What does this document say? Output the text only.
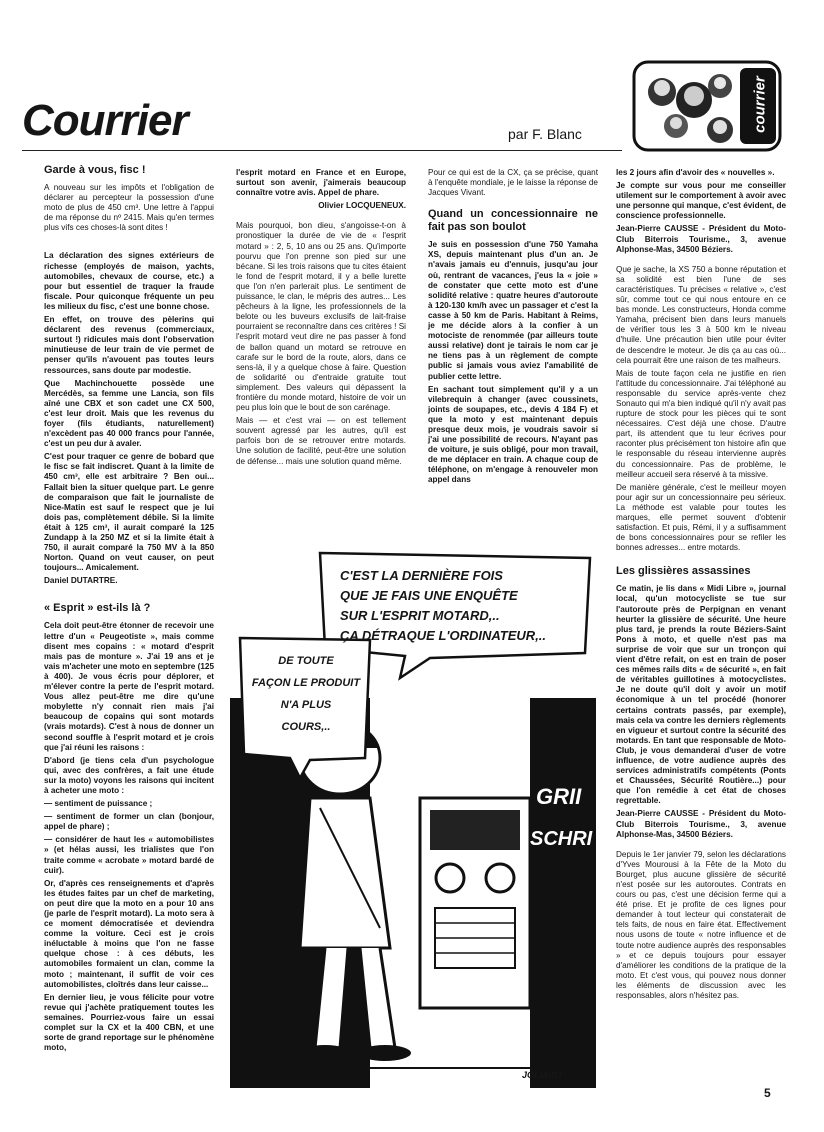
Courrier	par F. Blanc
courrier

Garde à vous, fisc !

A nouveau sur les impôts et l'obligation de déclarer au percepteur la possession d'une moto de plus de 450 cm³. Une lettre à l'appui de ma réponse du nº 2415. Mais qu'en termes plus vifs ces choses-là sont dites !

La déclaration des signes extérieurs de richesse (employés de maison, yachts, automobiles, chevaux de course, etc.) a pour but essentiel de traquer la fraude fiscale. Pour quiconque fréquente un peu les milieux du fisc, c'est une bonne chose.

En effet, on trouve des pèlerins qui déclarent des revenus (commerciaux, surtout !) ridicules mais dont l'observation minutieuse de leur train de vie permet de penser qu'ils n'avouent pas toutes leurs ressources, sans doute par modestie.

Que Machinchouette possède une Mercédès, sa femme une Lancia, son fils aîné une CBX et son cadet une CX 500, c'est leur droit. Mais que les revenus du foyer (fils étudiants, naturellement) n'excèdent pas 40 000 francs pour l'année, c'est un peu dur à avaler.

C'est pour traquer ce genre de bobard que le fisc se fait indiscret. Quant à la limite de 450 cm³, elle est arbitraire ? Ben oui... Fallait bien la situer quelque part. Le genre de comparaison que fait le journaliste de Nice-Matin est sauf le respect que je lui dois pas, complètement débile. Si la limite était à 125 cm³, il aurait comparé la 125 Zundapp à la 250 MZ et si la limite était à 750, il aurait comparé la 750 MV à la 850 Norton. Quand on veut causer, on peut toujours... Amicalement.

Daniel DUTARTRE.

« Esprit » est-ils là ?

Cela doit peut-être étonner de recevoir une lettre d'un « Peugeotiste », mais comme disent mes copains : « motard d'esprit mais pas de monture ». J'ai 19 ans et je vais m'acheter une moto en septembre (125 à 400). Je vous écris pour déplorer, et m'élever contre la perte de l'esprit motard. Vous allez peut-être me dire qu'une mobylette n'y connait rien mais j'ai beaucoup de copains qui sont motards (vrais motards). C'est à nous de donner un second souffle à l'esprit motard et je crois que j'ai réuni les raisons :

D'abord (je tiens cela d'un psychologue qui, avec des confrères, a fait une étude sur la moto) voyons les raisons qui incitent à acheter une moto :

— sentiment de puissance ;

— sentiment de former un clan (bonjour, appel de phare) ;

— considérer de haut les « automobilistes » (et hélas aussi, les trialistes que l'on traite comme « acrobate » motard bardé de cuir).

Or, d'après ces renseignements et d'après les études faites par un chef de marketing, on peut dire que la moto en a pour 10 ans (je parle de l'esprit motard). La moto sera à ce moment démocratisée et deviendra comme la voiture. Ceci est je crois inéluctable à moins que l'on ne fasse quelque chose : à ces débuts, les automobiles formaient un clan, comme la moto ; maintenant, il suffit de voir ces automobilistes, cloîtrés dans leur caisse...

En dernier lieu, je vous félicite pour votre revue qui j'achète pratiquement toutes les semaines. Pourriez-vous faire un essai complet sur la CX et la 400 CBN, et une sorte de grand reportage sur le phénomène moto,

l'esprit motard en France et en Europe, surtout son avenir, j'aimerais beaucoup connaître votre avis. Appel de phare.

Olivier LOCQUENEUX.

Mais pourquoi, bon dieu, s'angoisse-t-on à pronostiquer la durée de vie de « l'esprit motard » : 2, 5, 10 ans ou 25 ans. Qu'importe pourvu que l'on prenne son pied sur une bécane. Si les trois raisons que tu cites étaient le fond de l'esprit motard, il y a belle lurette que l'on n'en parlerait plus. Le sentiment de puissance, le clan, le mépris des autres... Les pêcheurs à la ligne, les professionnels de la belote ou les buveurs exclusifs de lait-fraise pourraient se reconnaître dans ces critères ! Si l'esprit motard veut dire ne pas passer à fond de ballon quand un motard se retrouve en carafe sur le bord de la route, alors, dans ce sens-là, il y a quelque chose à faire. Question de solidarité ou d'entraide gratuite tout simplement. Des valeurs qui dépassent la frontière du monde motard, histoire de voir un peu plus loin que le bout de son carénage.

Mais — et c'est vrai — on est tellement souvent agressé par les autres, qu'il est parfois bon de se retrouver entre motards. Une solution de facilité, peut-être une solution de défense... mais une solution quand même.

Pour ce qui est de la CX, ça se précise, quant à l'enquête mondiale, je le laisse la réponse de Jacques Vivant.

Quand un concessionnaire ne fait pas son boulot

Je suis en possession d'une 750 Yamaha XS, depuis maintenant plus d'un an. Je n'avais jamais eu d'ennuis, jusqu'au jour où, rentrant de vacances, j'eus la « joie » de constater que cette moto est d'une solidité relative : quatre heures d'autoroute à 120-130 km/h avec un passager et c'est la casse à 50 km de Paris. Habitant à Reims, je me décide alors à la confier à un motociste de renommée (par ailleurs toute aussi relative) dont je tairais le nom car je ne tiens pas à un règlement de compte public si jamais vous aviez l'amabilité de publier cette lettre.

En sachant tout simplement qu'il y a un vilebrequin à changer (avec coussinets, joints de soupapes, etc., devis 4 184 F) et que la moto y est maintenant depuis presque deux mois, je voudrais savoir si j'ai une possibilité de recours. N'ayant pas de voiture, je suis obligé, pour mon travail, de me déplacer en train. A chaque coup de téléphone, on m'engage à renouveler mon appel dans

les 2 jours afin d'avoir des « nouvelles ».

Je compte sur vous pour me conseiller utilement sur le comportement à avoir avec une personne qui manque, c'est évident, de conscience professionnelle.

Jean-Pierre CAUSSE - Président du Moto-Club Biterrois Tourisme., 3, avenue Alphonse-Mas, 34500 Béziers.

Que je sache, la XS 750 a bonne réputation et sa solidité est bien l'une de ses caractéristiques. Tu précises « relative », c'est sûr, comme tout ce qui nous entoure en ce bas monde. Les constructeurs, Honda comme Yamaha, précisent bien dans leurs manuels de vérifier tous les 3 à 500 km le niveau d'huile. Une précaution bien utile pour éviter de descendre le moteur. Je dis ça au cas où... cela pourrait être une raison de tes malheurs.

Mais de toute façon cela ne justifie en rien l'attitude du concessionnaire. J'ai téléphoné au responsable du service après-vente chez Sonauto qui m'a bien indiqué qu'il n'y avait pas rupture de stock pour les pièces qui te sont nécessaires. C'est déjà une chose. D'autre part, ils attendent que tu leur écrives pour raconter plus précisément ton histoire afin que le responsable du réseau intervienne auprès du concessionnaire. Pas de problème, le meilleur accueil sera réservé à ta missive.

De manière générale, c'est le meilleur moyen pour agir sur un concessionnaire peu sérieux. La méthode est valable pour toutes les marques, elle permet souvent d'obtenir satisfaction. Et puis, Rémi, il y a suffisamment de bons concessionnaires pour se refiler les bonnes adresses... entre motards.

Les glissières assassines

Ce matin, je lis dans « Midi Libre », journal local, qu'un motocycliste se tue sur l'autoroute près de Perpignan en venant heurter la glissière de sécurité. Une heure plus tard, je prends la route Béziers-Saint Pons à moto, et quelle n'est pas ma surprise de voir que sur un tronçon qui vient d'être refait, on est en train de poser ces mêmes rails dits « de sécurité », en fait de véritables guillotines à motocyclistes. Je ne doute qu'il doit y avoir un motif économique à un tel procédé (honorer certains contrats passés, par exemple), mais cela va contre les derniers règlements en vigueur et surtout contre la sécurité des motards. En tant que responsable de Moto-Club, je vous demanderai d'user de votre influence, de votre audience auprès des services administratifs compétents (Ponts et Chaussées, Sécurité Routière...) pour que l'on remédie à cet état de choses regrettable.

Jean-Pierre CAUSSE - Président du Moto-Club Biterrois Tourisme., 3, avenue Alphonse-Mas, 34500 Béziers.

Depuis le 1er janvier 79, selon les déclarations d'Yves Mourousi à la Fête de la Moto du Bourget, plus aucune glissière de sécurité n'est posée sur les autoroutes. Contrats en cours ou pas, c'est une décision ferme qui a été prise. Et je profite de ces lignes pour demander à tout lecteur qui constaterait de tels faits, de nous en faire état. Effectivement nous usons de toute « notre influence et de toute notre audience auprès des responsables » et ce depuis toujours pour essayer d'améliorer les conditions de la pratique de la moto. Et c'est vous, qui pouvez nous donner les éléments de discussion avec les responsables, alors n'hésitez pas.

C'EST LA DERNIÈRE FOIS
QUE JE FAIS UNE ENQUÊTE
SUR L'ESPRIT MOTARD,..
ÇA DÉTRAQUE L'ORDINATEUR,..
DE TOUTE
FAÇON LE PRODUIT
N'A PLUS
COURS,..
GRII
SCHRI
JOLIAINT
5
